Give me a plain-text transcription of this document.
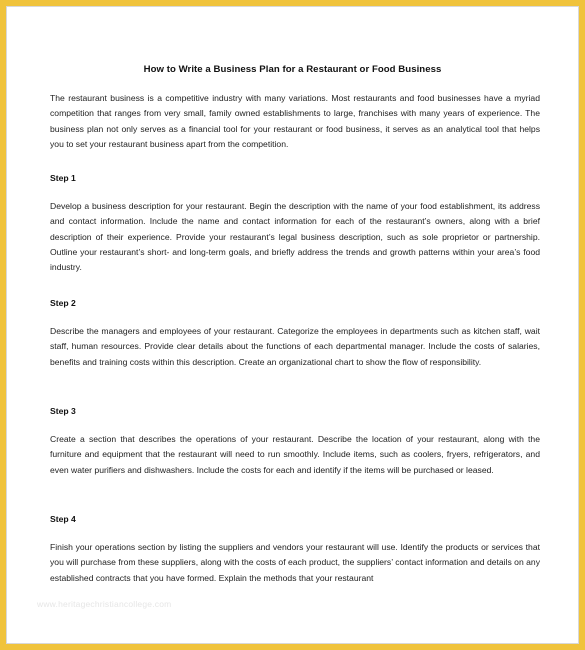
How to Write a Business Plan for a Restaurant or Food Business

The restaurant business is a competitive industry with many variations. Most restaurants and food businesses have a myriad competition that ranges from very small, family owned establishments to large, franchises with many years of experience. The business plan not only serves as a financial tool for your restaurant or food business, it serves as an analytical tool that helps you to set your restaurant business apart from the competition.

Step 1

Develop a business description for your restaurant. Begin the description with the name of your food establishment, its address and contact information. Include the name and contact information for each of the restaurant’s owners, along with a brief description of their experience. Provide your restaurant’s legal business description, such as sole proprietor or partnership. Outline your restaurant’s short- and long-term goals, and briefly address the trends and growth patterns within your area’s food industry.

Step 2

Describe the managers and employees of your restaurant. Categorize the employees in departments such as kitchen staff, wait staff, human resources. Provide clear details about the functions of each departmental manager. Include the costs of salaries, benefits and training costs within this description. Create an organizational chart to show the flow of responsibility.

Step 3

Create a section that describes the operations of your restaurant. Describe the location of your restaurant, along with the furniture and equipment that the restaurant will need to run smoothly. Include items, such as coolers, fryers, refrigerators, and even water purifiers and dishwashers. Include the costs for each and identify if the items will be purchased or leased.

Step 4

Finish your operations section by listing the suppliers and vendors your restaurant will use. Identify the products or services that you will purchase from these suppliers, along with the costs of each product, the suppliers’ contact information and details on any established contracts that you have formed. Explain the methods that your restaurant

www.heritagechristiancollege.com
